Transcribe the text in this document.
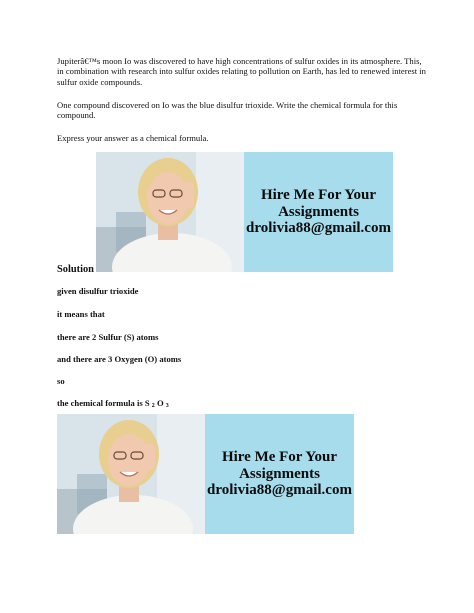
Jupiterâ€™s moon Io was discovered to have high concentrations of sulfur oxides in its atmosphere. This, in combination with research into sulfur oxides relating to pollution on Earth, has led to renewed interest in sulfur oxide compounds.

One compound discovered on Io was the blue disulfur trioxide. Write the chemical formula for this compound.

Express your answer as a chemical formula.

Hire Me For Your
Assignments
drolivia88@gmail.com
Solution
given disulfur trioxide
it means that
there are 2 Sulfur (S) atoms
and there are 3 Oxygen (O) atoms
so
the chemical formula is S 2 O 3
Hire Me For Your
Assignments
drolivia88@gmail.com
